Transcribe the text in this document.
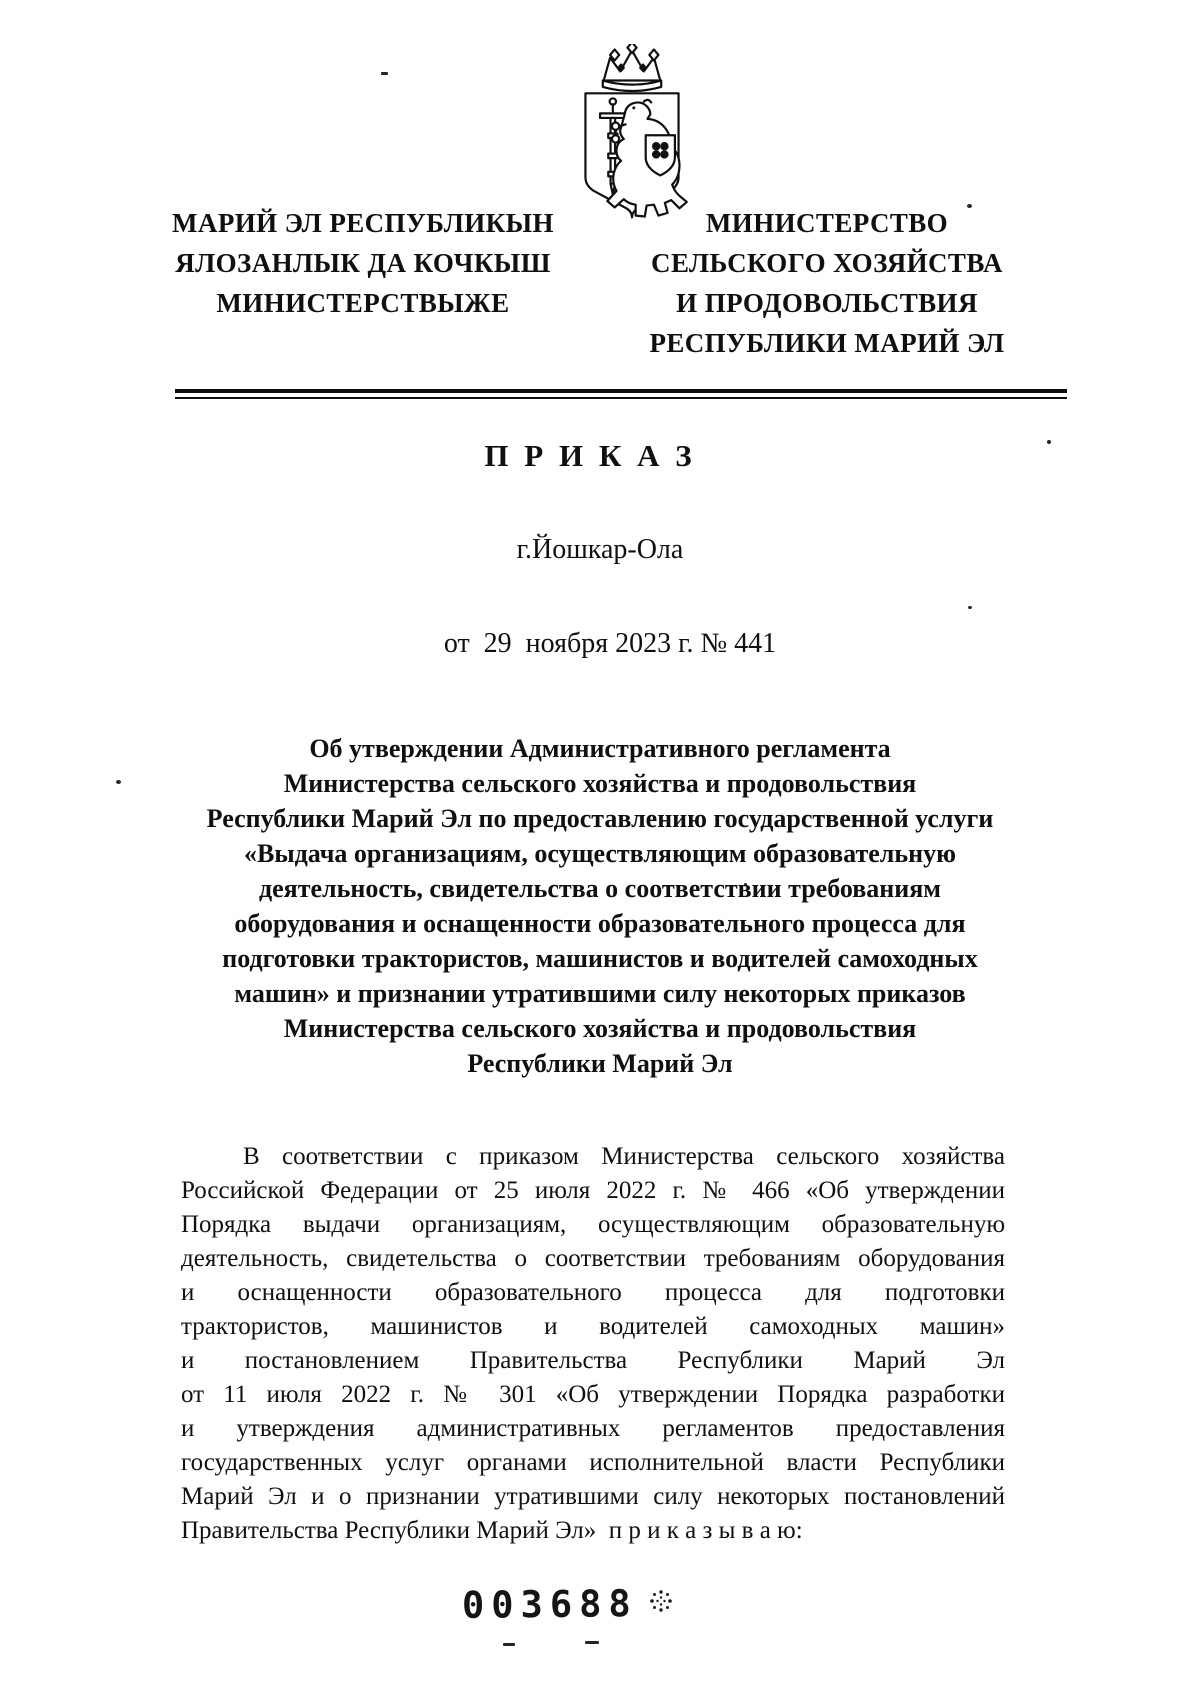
МАРИЙ ЭЛ РЕСПУБЛИКЫН
ЯЛОЗАНЛЫК ДА КОЧКЫШ
МИНИСТЕРСТВЫЖЕ
МИНИСТЕРСТВО
СЕЛЬСКОГО ХОЗЯЙСТВА
И ПРОДОВОЛЬСТВИЯ
РЕСПУБЛИКИ МАРИЙ ЭЛ
П Р И К А З
г.Йошкар-Ола
от  29  ноября 2023 г. № 441
Об утверждении Административного регламента
Министерства сельского хозяйства и продовольствия
Республики Марий Эл по предоставлению государственной услуги
«Выдача организациям, осуществляющим образовательную
деятельность, свидетельства о соответствии требованиям
оборудования и оснащенности образовательного процесса для
подготовки трактористов, машинистов и водителей самоходных
машин» и признании утратившими силу некоторых приказов
Министерства сельского хозяйства и продовольствия
Республики Марий Эл
В соответствии с приказом Министерства сельского хозяйства
Российской Федерации от 25 июля 2022 г. № 466 «Об утверждении
Порядка выдачи организациям, осуществляющим образовательную
деятельность, свидетельства о соответствии требованиям оборудования
и оснащенности образовательного процесса для подготовки
трактористов, машинистов и водителей самоходных машин»
и постановлением Правительства Республики Марий Эл
от 11 июля 2022 г. № 301 «Об утверждении Порядка разработки
и утверждения административных регламентов предоставления
государственных услуг органами исполнительной власти Республики
Марий Эл и о признании утратившими силу некоторых постановлений
Правительства Республики Марий Эл»  п р и к а з ы в а ю:
003688
